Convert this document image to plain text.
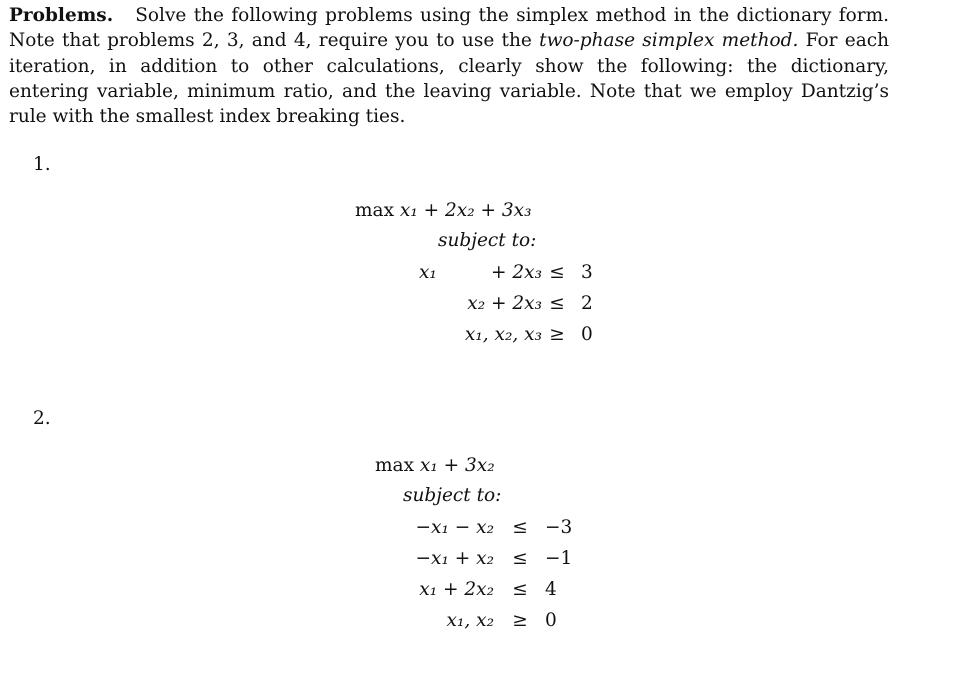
Problems. Solve the following problems using the simplex method in the dictionary form. Note that problems 2, 3, and 4, require you to use the two-phase simplex method. For each iteration, in addition to other calculations, clearly show the following: the dictionary, entering variable, minimum ratio, and the leaving variable. Note that we employ Dantzig’s rule with the smallest index breaking ties.

1.
max x₁ + 2x₂ + 3x₃
subject to:
x₁	+ 2x₃ ≤ 3
x₂ + 2x₃ ≤ 2
x₁, x₂, x₃ ≥ 0
2.
max x₁ + 3x₂
subject to:
−x₁ − x₂ ≤ −3
−x₁ + x₂ ≤ −1
x₁ + 2x₂ ≤ 4
x₁, x₂ ≥ 0
